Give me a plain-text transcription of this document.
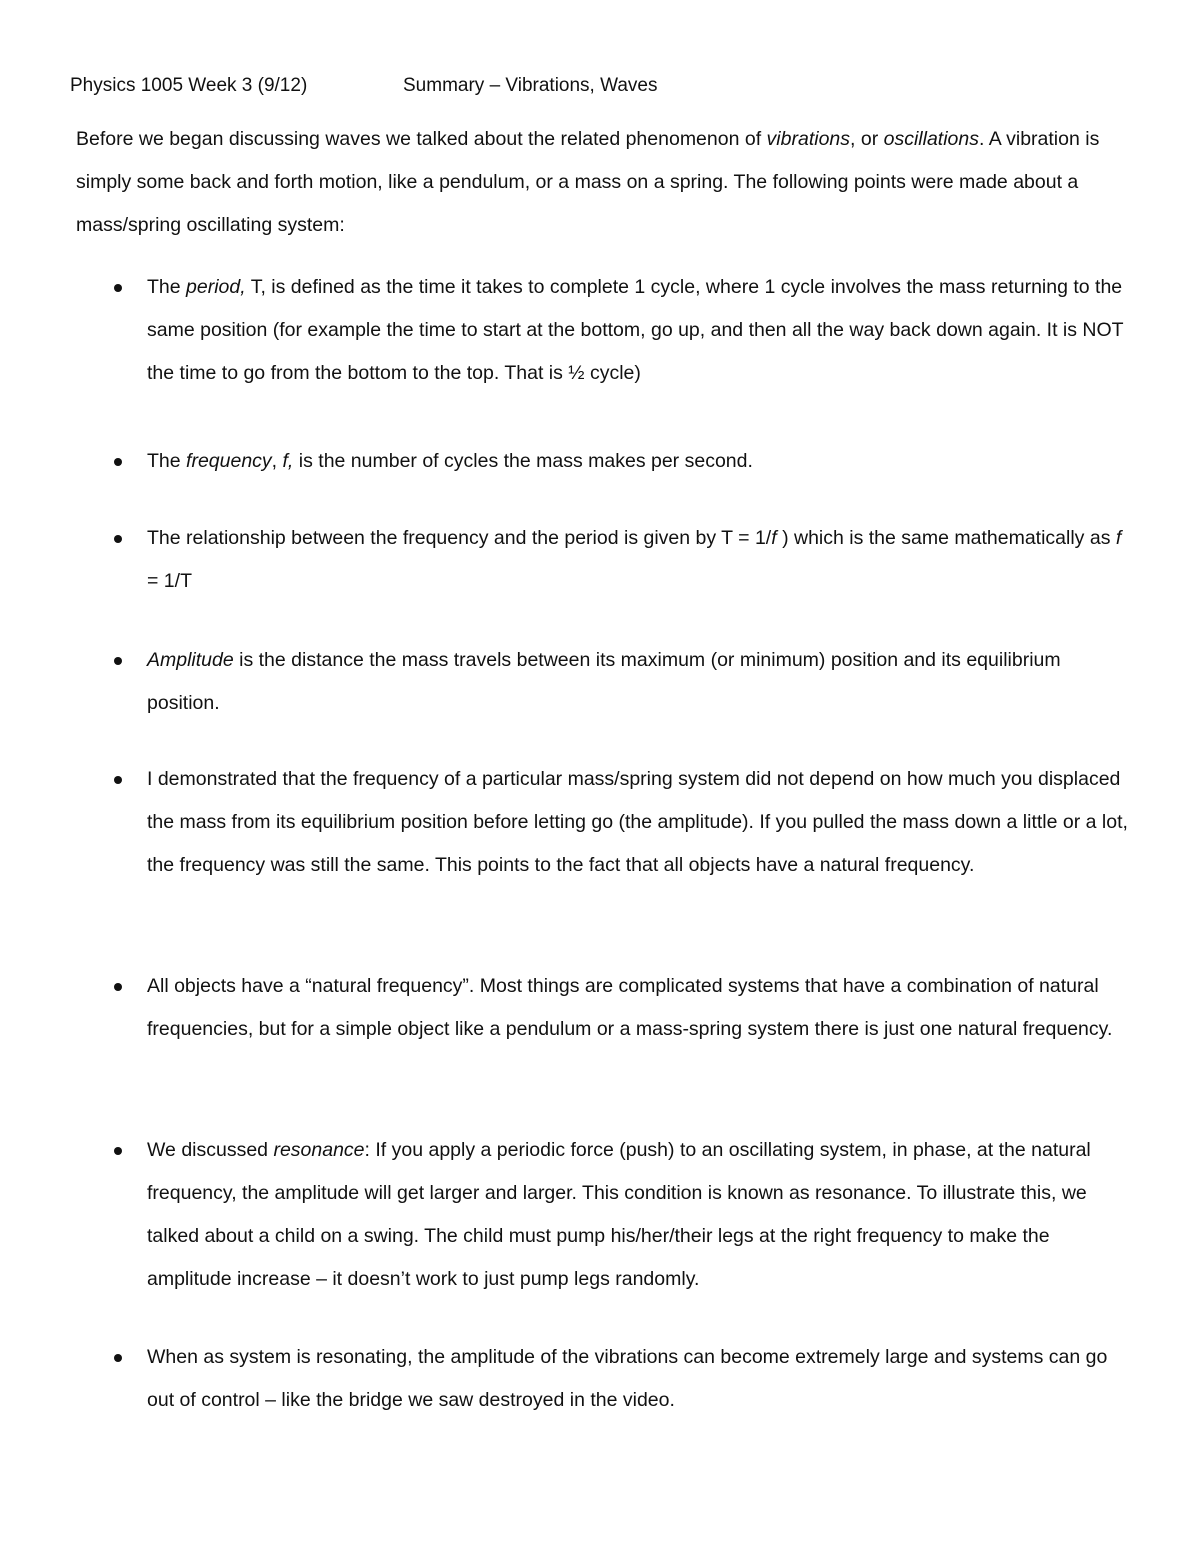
Physics 1005 Week 3 (9/12)	Summary – Vibrations, Waves

Before we began discussing waves we talked about the related phenomenon of vibrations, or oscillations. A vibration is simply some back and forth motion, like a pendulum, or a mass on a spring. The following points were made about a mass/spring oscillating system:

The period, T, is defined as the time it takes to complete 1 cycle, where 1 cycle involves the mass returning to the same position (for example the time to start at the bottom, go up, and then all the way back down again. It is NOT the time to go from the bottom to the top. That is ½ cycle)

The frequency, f, is the number of cycles the mass makes per second.

The relationship between the frequency and the period is given by T = 1/f ) which is the same mathematically as f = 1/T

Amplitude is the distance the mass travels between its maximum (or minimum) position and its equilibrium position.

I demonstrated that the frequency of a particular mass/spring system did not depend on how much you displaced the mass from its equilibrium position before letting go (the amplitude). If you pulled the mass down a little or a lot, the frequency was still the same. This points to the fact that all objects have a natural frequency.

All objects have a “natural frequency”. Most things are complicated systems that have a combination of natural frequencies, but for a simple object like a pendulum or a mass-spring system there is just one natural frequency.

We discussed resonance: If you apply a periodic force (push) to an oscillating system, in phase, at the natural frequency, the amplitude will get larger and larger. This condition is known as resonance. To illustrate this, we talked about a child on a swing. The child must pump his/her/their legs at the right frequency to make the amplitude increase – it doesn’t work to just pump legs randomly.

When as system is resonating, the amplitude of the vibrations can become extremely large and systems can go out of control – like the bridge we saw destroyed in the video.
